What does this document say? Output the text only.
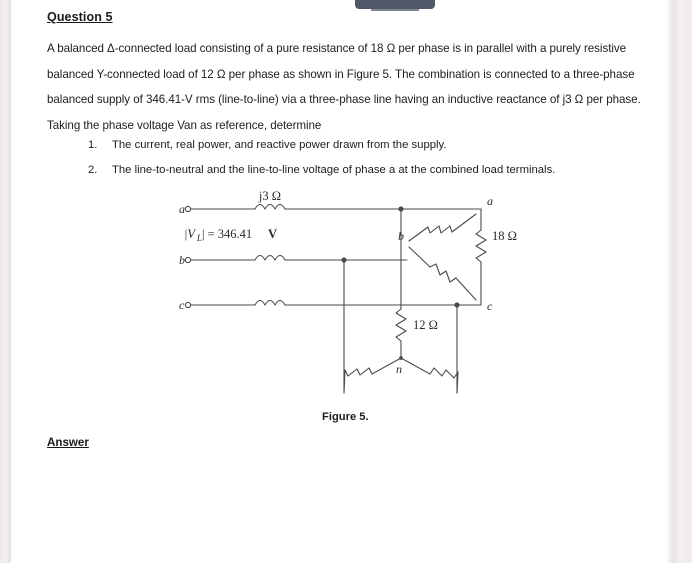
Question 5
A balanced Δ-connected load consisting of a pure resistance of 18 Ω per phase is in parallel with a purely resistive balanced Y-connected load of 12 Ω per phase as shown in Figure 5. The combination is connected to a three-phase balanced supply of 346.41-V rms (line-to-line) via a three-phase line having an inductive reactance of j3 Ω per phase. Taking the phase voltage Van as reference, determine
1. The current, real power, and reactive power drawn from the supply.
2. The line-to-neutral and the line-to-line voltage of phase a at the combined load terminals.
j3 Ω
a
b
c
|V L | = 346.41 V
a
b
c
18 Ω
12 Ω
n
Figure 5.
Answer
